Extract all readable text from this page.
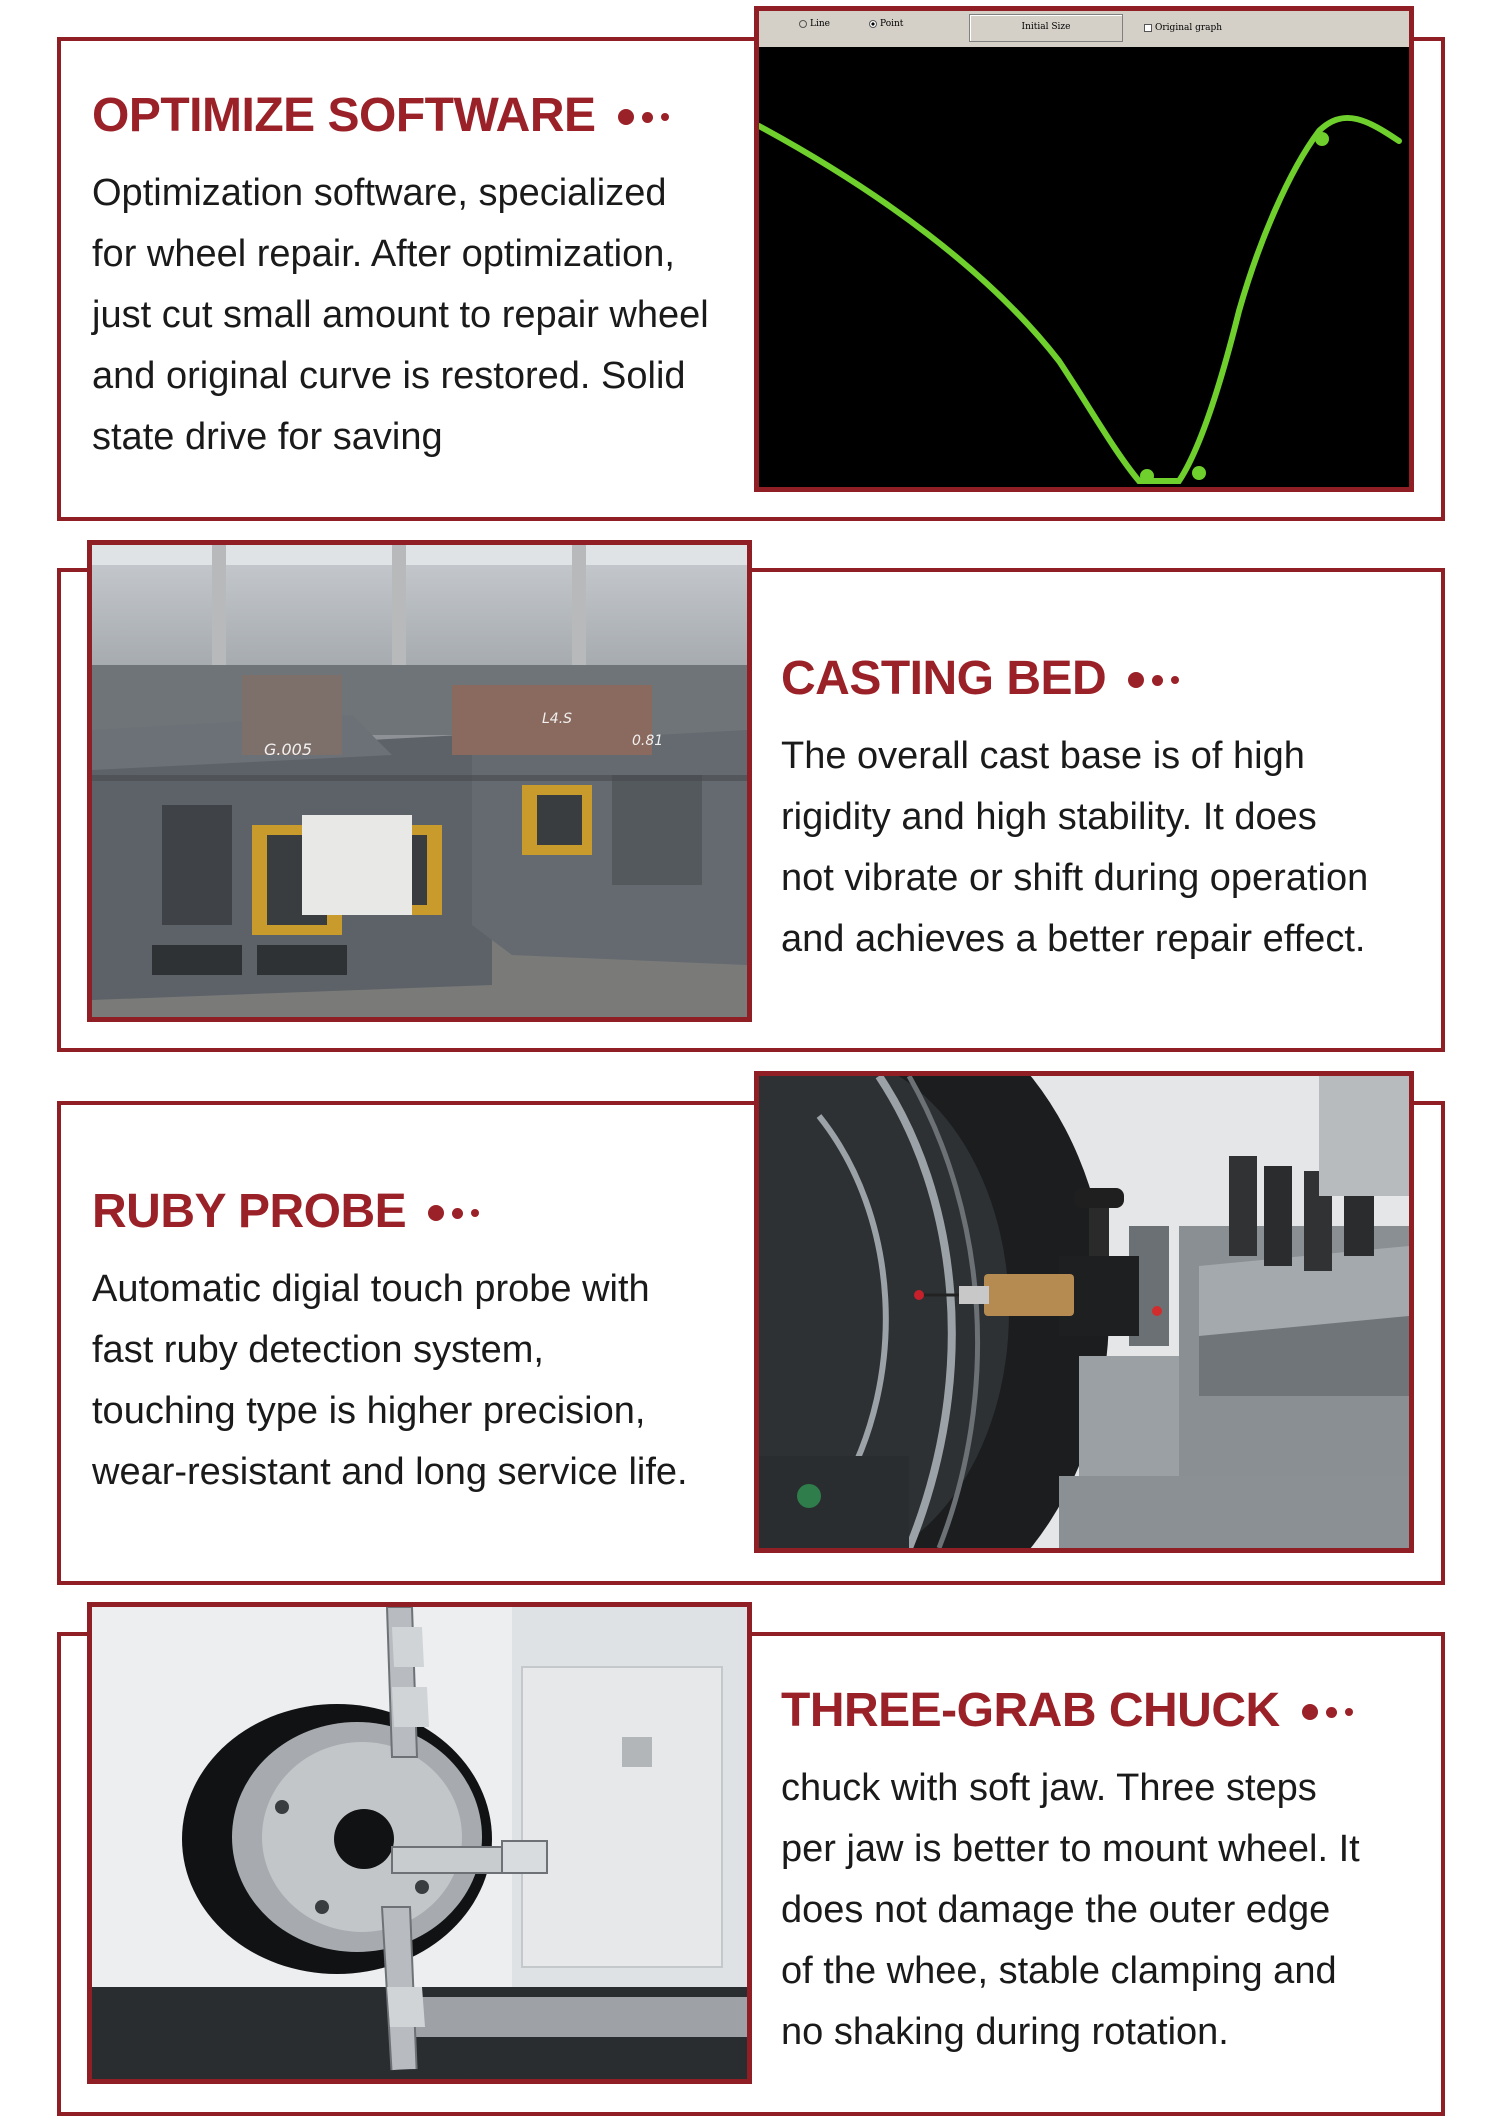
OPTIMIZE SOFTWARE

Optimization software, specialized
for wheel repair. After optimization,
just cut small amount to repair wheel
and original curve is restored. Solid
state drive for saving

Line	Point	Initial Size	Original graph
G.005	0.81
L4.S
CASTING BED

The overall cast base is of high
rigidity and high stability. It does
not vibrate or shift during operation
and achieves a better repair effect.

RUBY PROBE

Automatic digial touch probe with
fast ruby detection system,
touching type is higher precision,
wear-resistant and long service life.

THREE-GRAB CHUCK

chuck with soft jaw. Three steps
per jaw is better to mount wheel. It
does not damage the outer edge
of the whee, stable clamping and
no shaking during rotation.
